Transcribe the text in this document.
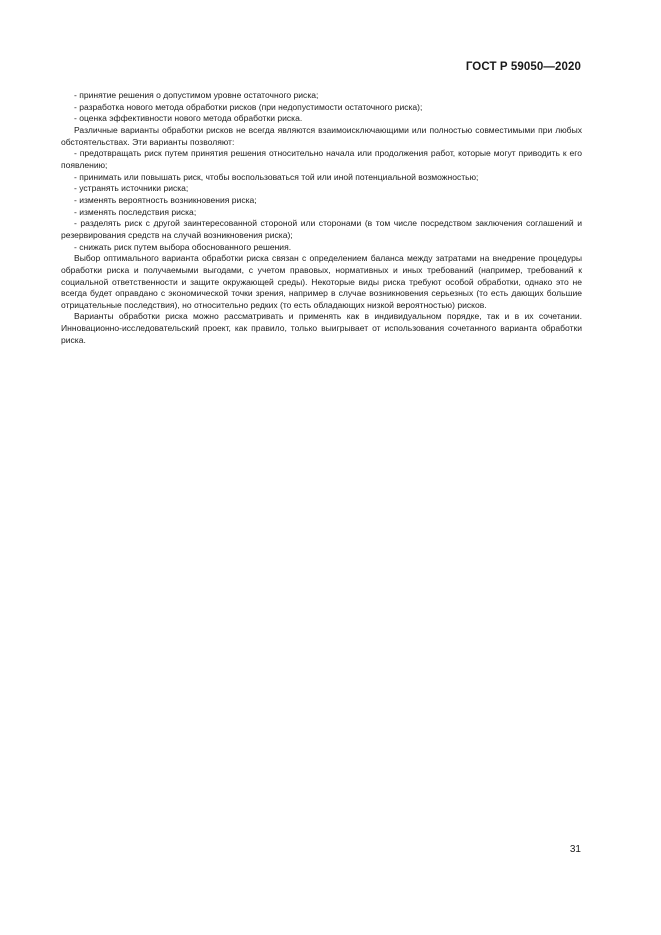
ГОСТ Р 59050—2020

- принятие решения о допустимом уровне остаточного риска;

- разработка нового метода обработки рисков (при недопустимости остаточного риска);

- оценка эффективности нового метода обработки риска.

Различные варианты обработки рисков не всегда являются взаимоисключающими или полностью совместимыми при любых обстоятельствах. Эти варианты позволяют:

- предотвращать риск путем принятия решения относительно начала или продолжения работ, которые могут приводить к его появлению;

- принимать или повышать риск, чтобы воспользоваться той или иной потенциальной возможностью;

- устранять источники риска;

- изменять вероятность возникновения риска;

- изменять последствия риска;

- разделять риск с другой заинтересованной стороной или сторонами (в том числе посредством заключения соглашений и резервирования средств на случай возникновения риска);

- снижать риск путем выбора обоснованного решения.

Выбор оптимального варианта обработки риска связан с определением баланса между затратами на внедрение процедуры обработки риска и получаемыми выгодами, с учетом правовых, нормативных и иных требований (например, требований к социальной ответственности и защите окружающей среды). Некоторые виды риска требуют особой обработки, однако это не всегда будет оправдано с экономической точки зрения, например в случае возникновения серьезных (то есть дающих большие отрицательные последствия), но относительно редких (то есть обладающих низкой вероятностью) рисков.

Варианты обработки риска можно рассматривать и применять как в индивидуальном порядке, так и в их сочетании. Инновационно-исследовательский проект, как правило, только выигрывает от использования сочетанного варианта обработки риска.

31
